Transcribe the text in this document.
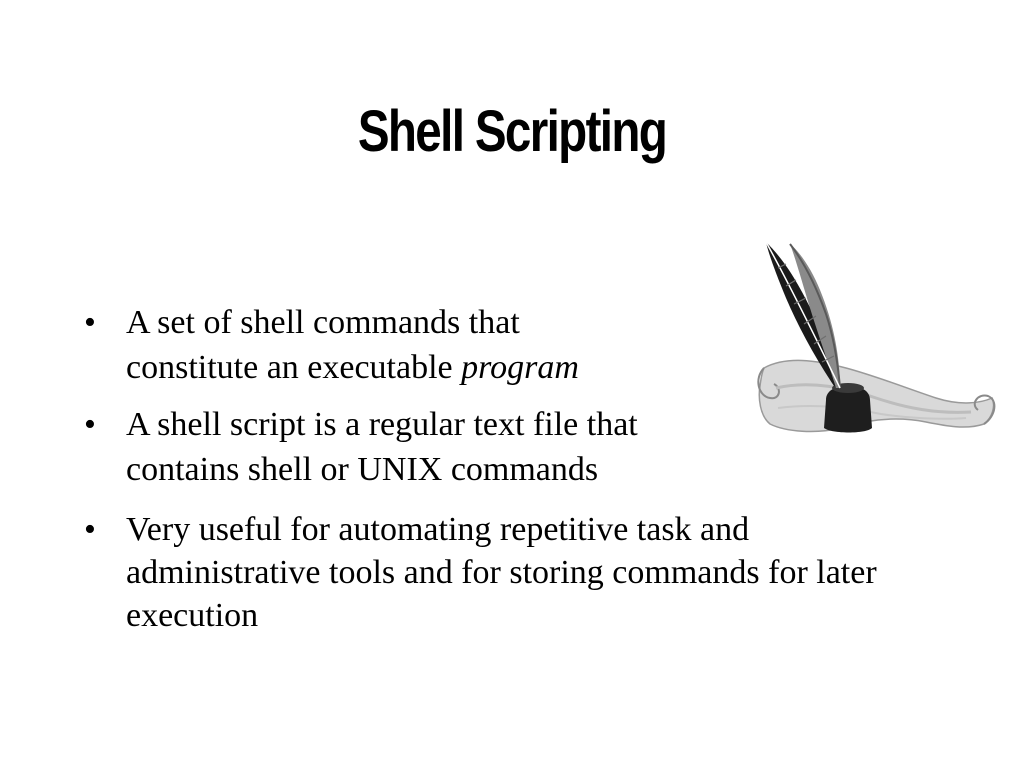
Shell Scripting
• A set of shell commands that
constitute an executable program
• A shell script is a regular text file that
contains shell or UNIX commands
• Very useful for automating repetitive task and administrative tools and for storing commands for later execution
